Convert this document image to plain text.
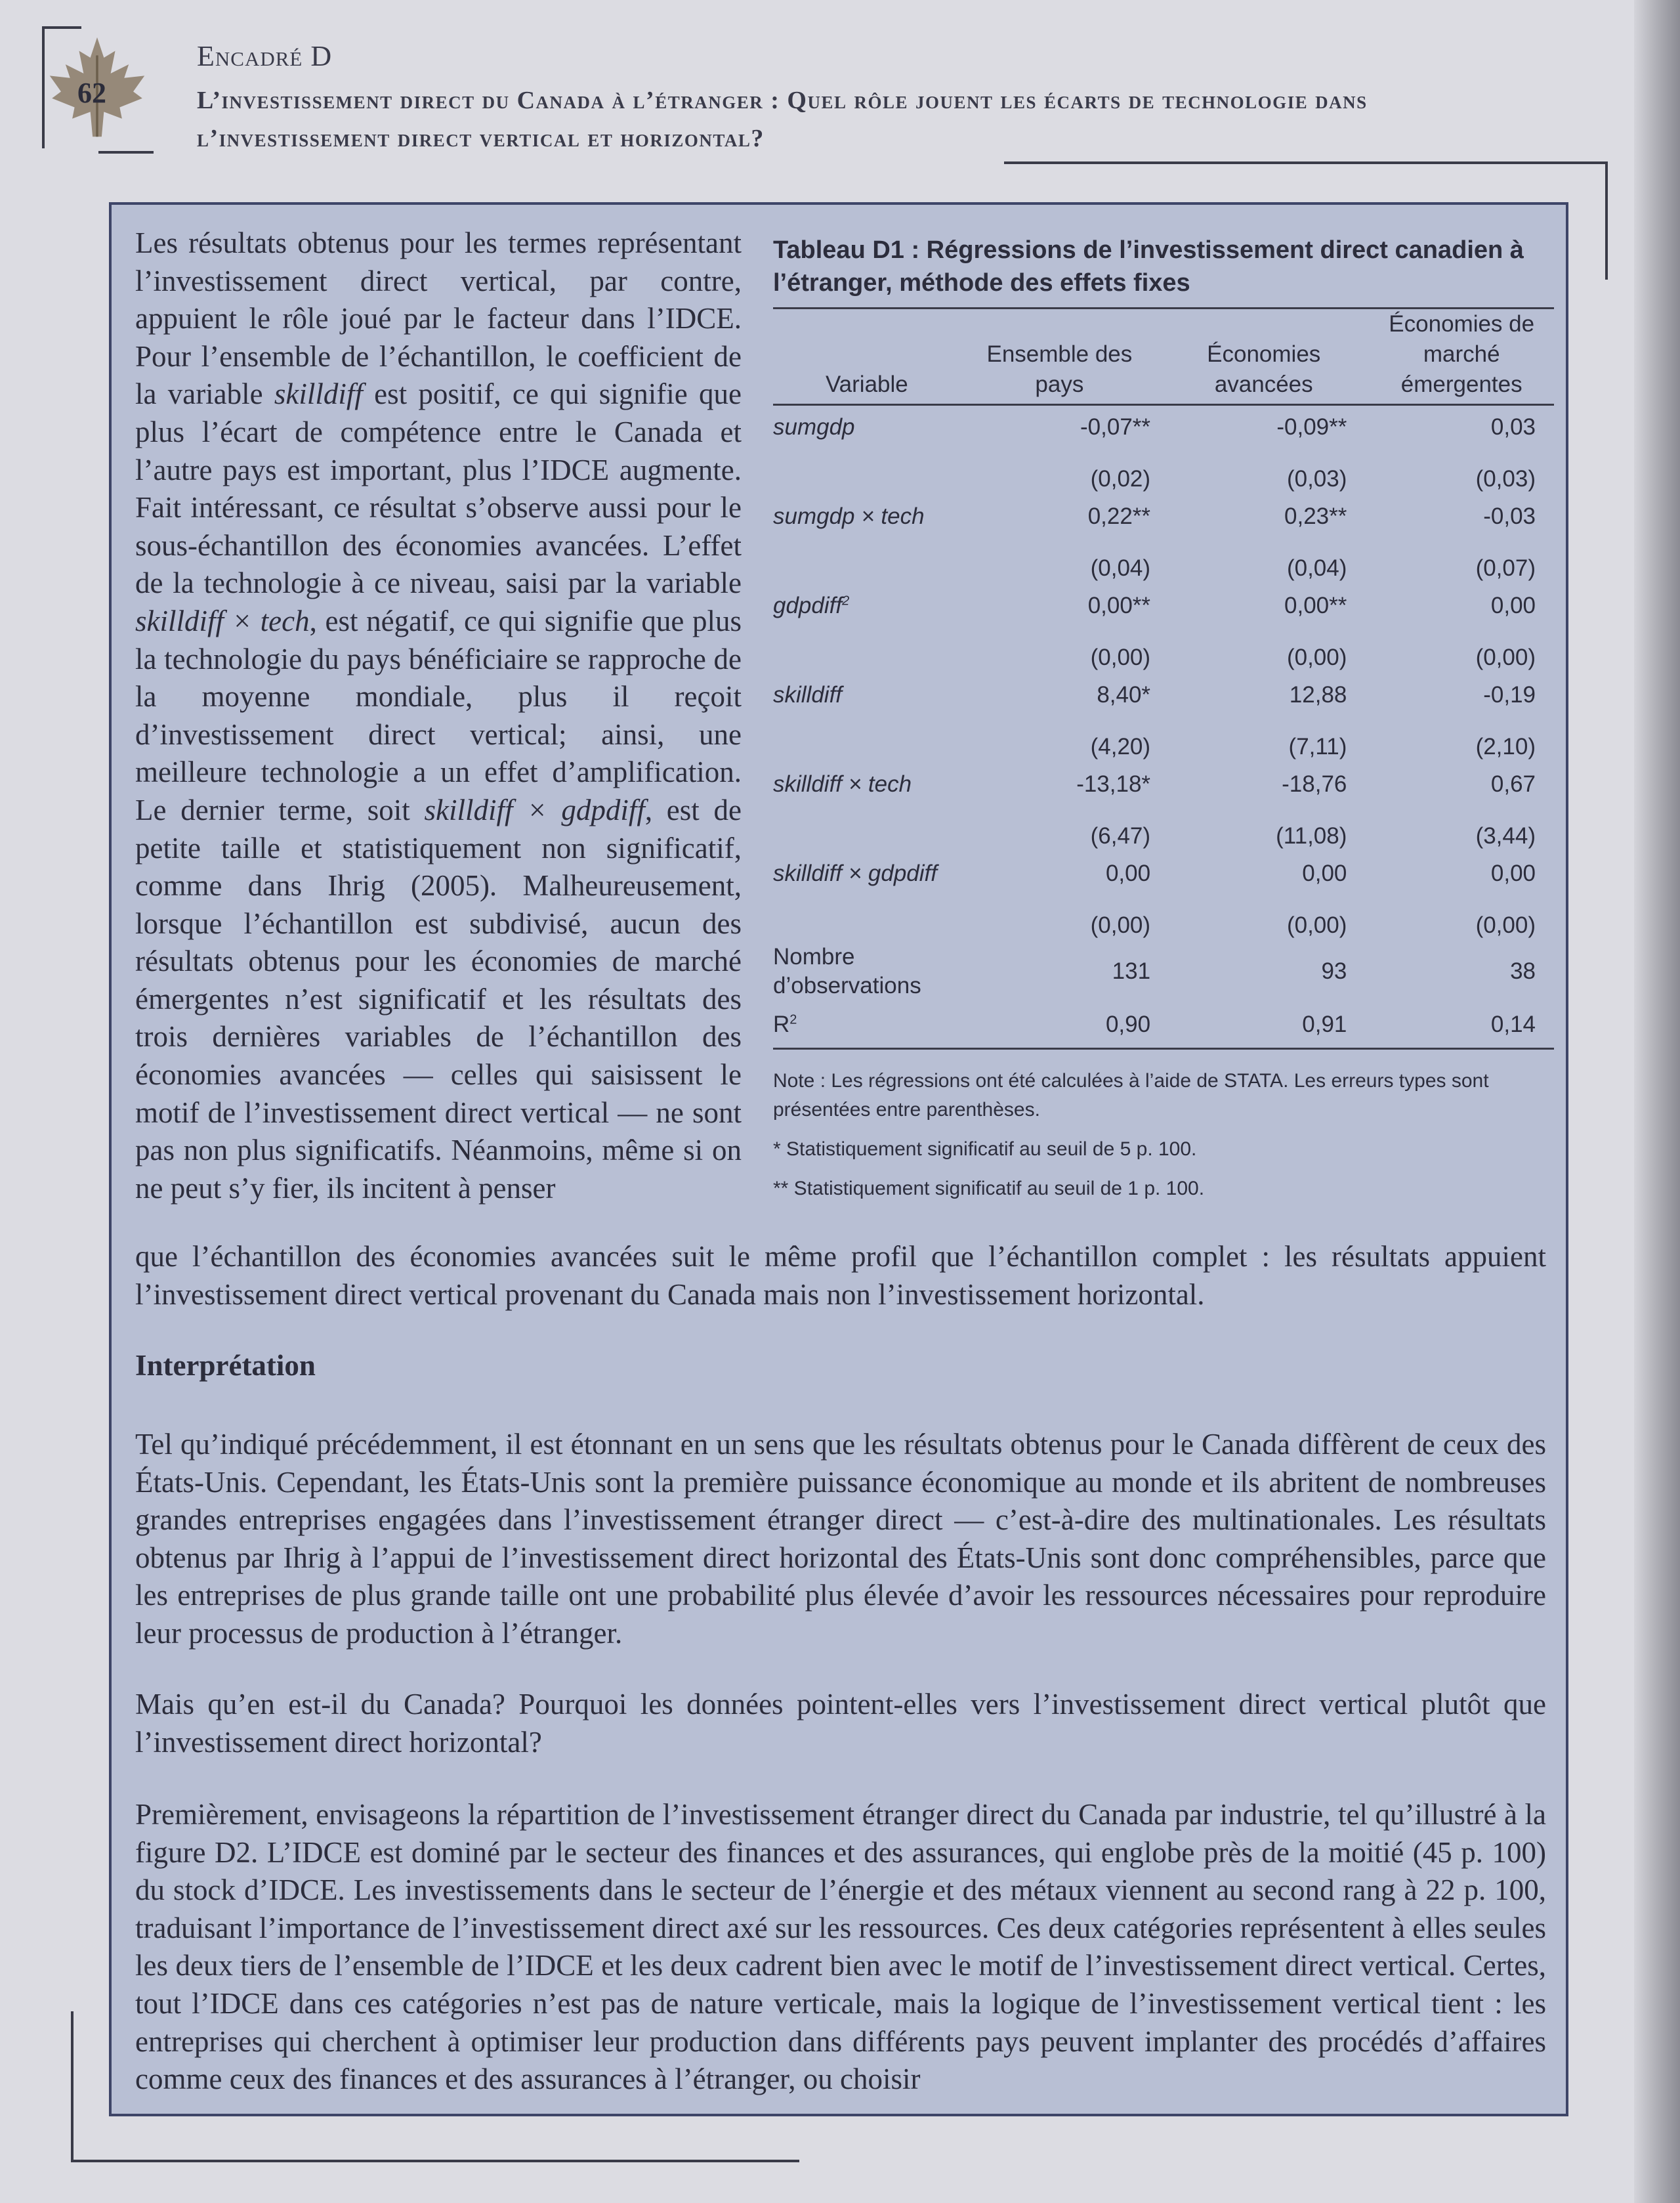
62
Encadré D
L’investissement direct du Canada à l’étranger : Quel rôle jouent les écarts de technologie dans l’investissement direct vertical et horizontal?
Les résultats obtenus pour les termes représentant l’investissement direct vertical, par contre, appuient le rôle joué par le facteur dans l’IDCE. Pour l’ensemble de l’échantillon, le coefficient de la variable skilldiff est positif, ce qui signifie que plus l’écart de compétence entre le Canada et l’autre pays est important, plus l’IDCE augmente. Fait intéressant, ce résultat s’observe aussi pour le sous-échantillon des économies avancées. L’effet de la technologie à ce niveau, saisi par la variable skilldiff × tech, est négatif, ce qui signifie que plus la technologie du pays bénéficiaire se rapproche de la moyenne mondiale, plus il reçoit d’investissement direct vertical; ainsi, une meilleure technologie a un effet d’amplification. Le dernier terme, soit skilldiff × gdpdiff, est de petite taille et statistiquement non significatif, comme dans Ihrig (2005). Malheureusement, lorsque l’échantillon est subdivisé, aucun des résultats obtenus pour les économies de marché émergentes n’est significatif et les résultats des trois dernières variables de l’échantillon des économies avancées — celles qui saisissent le motif de l’investissement direct vertical — ne sont pas non plus significatifs. Néanmoins, même si on ne peut s’y fier, ils incitent à penser
Tableau D1 : Régressions de l’investissement direct canadien à l’étranger, méthode des effets fixes
Variable	Ensemble des pays	Économies avancées	Économies de marché émergentes

sumgdp	-0,07**	-0,09**	0,03
	(0,02)	(0,03)	(0,03)
sumgdp × tech	0,22**	0,23**	-0,03
	(0,04)	(0,04)	(0,07)
gdpdiff$^2$	0,00**	0,00**	0,00
	(0,00)	(0,00)	(0,00)
skilldiff	8,40*	12,88	-0,19
	(4,20)	(7,11)	(2,10)
skilldiff × tech	-13,18*	-18,76	0,67
	(6,47)	(11,08)	(3,44)
skilldiff × gdpdiff	0,00	0,00	0,00
	(0,00)	(0,00)	(0,00)
Nombre d’observations	131	93	38
$R^2$	0,90	0,91	0,14

Note : Les régressions ont été calculées à l’aide de STATA. Les erreurs types sont présentées entre parenthèses.

* Statistiquement significatif au seuil de 5 p. 100.

** Statistiquement significatif au seuil de 1 p. 100.

que l’échantillon des économies avancées suit le même profil que l’échantillon complet : les résultats appuient l’investissement direct vertical provenant du Canada mais non l’investissement horizontal.
Interprétation

Tel qu’indiqué précédemment, il est étonnant en un sens que les résultats obtenus pour le Canada diffèrent de ceux des États-Unis. Cependant, les États-Unis sont la première puissance économique au monde et ils abritent de nombreuses grandes entreprises engagées dans l’investissement étranger direct — c’est-à-dire des multinationales. Les résultats obtenus par Ihrig à l’appui de l’investissement direct horizontal des États-Unis sont donc compréhensibles, parce que les entreprises de plus grande taille ont une probabilité plus élevée d’avoir les ressources nécessaires pour reproduire leur processus de production à l’étranger.

Mais qu’en est-il du Canada? Pourquoi les données pointent-elles vers l’investissement direct vertical plutôt que l’investissement direct horizontal?

Premièrement, envisageons la répartition de l’investissement étranger direct du Canada par industrie, tel qu’illustré à la figure D2. L’IDCE est dominé par le secteur des finances et des assurances, qui englobe près de la moitié (45 p. 100) du stock d’IDCE. Les investissements dans le secteur de l’énergie et des métaux viennent au second rang à 22 p. 100, traduisant l’importance de l’investissement direct axé sur les ressources. Ces deux catégories représentent à elles seules les deux tiers de l’ensemble de l’IDCE et les deux cadrent bien avec le motif de l’investissement direct vertical. Certes, tout l’IDCE dans ces catégories n’est pas de nature verticale, mais la logique de l’investissement vertical tient : les entreprises qui cherchent à optimiser leur production dans différents pays peuvent implanter des procédés d’affaires comme ceux des finances et des assurances à l’étranger, ou choisir
